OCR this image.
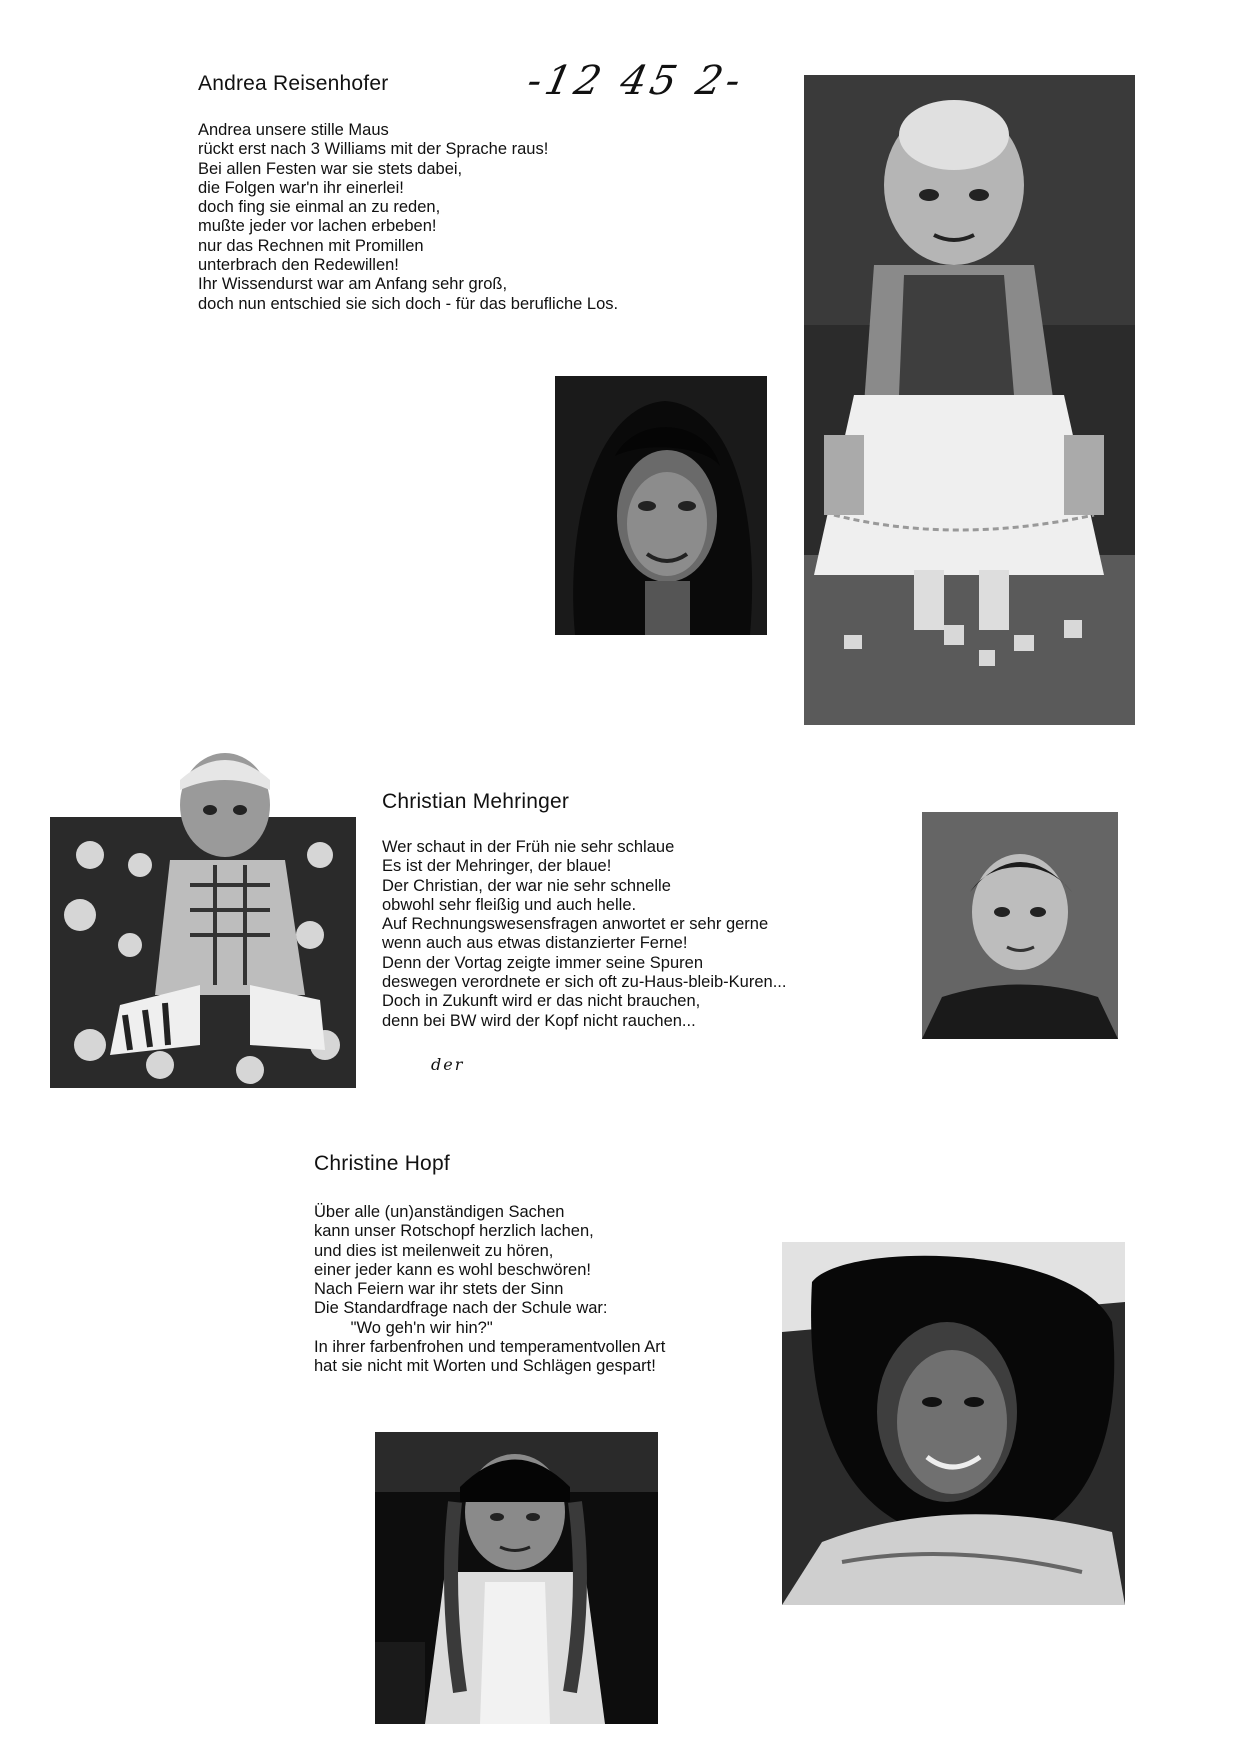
-12 45 2-
Andrea Reisenhofer
Andrea unsere stille Maus
rückt erst nach 3 Williams mit der Sprache raus!
Bei allen Festen war sie stets dabei,
die Folgen war'n ihr einerlei!
doch fing sie einmal an zu reden,
mußte jeder vor lachen erbeben!
nur das Rechnen mit Promillen
unterbrach den Redewillen!
Ihr Wissendurst war am Anfang sehr groß,
doch nun entschied sie sich doch - für das berufliche Los.
Christian Mehringer
Wer schaut in der Früh nie sehr schlaue
Es ist der Mehringer, der blaue!
Der Christian, der war nie sehr schnelle
obwohl sehr fleißig und auch helle.
Auf Rechnungswesensfragen anwortet er sehr gerne
wenn auch aus etwas distanzierter Ferne!
Denn der Vortag zeigte immer seine Spuren
deswegen verordnete er sich oft zu-Haus-bleib-Kuren...
Doch in Zukunft wird er das nicht brauchen,
denn bei BW wird der Kopf nicht rauchen...
der
Christine Hopf
Über alle (un)anständigen Sachen
kann unser Rotschopf herzlich lachen,
und dies ist meilenweit zu hören,
einer jeder kann es wohl beschwören!
Nach Feiern war ihr stets der Sinn
Die Standardfrage nach der Schule war:
"Wo geh'n wir hin?"
In ihrer farbenfrohen und temperamentvollen Art
hat sie nicht mit Worten und Schlägen gespart!
